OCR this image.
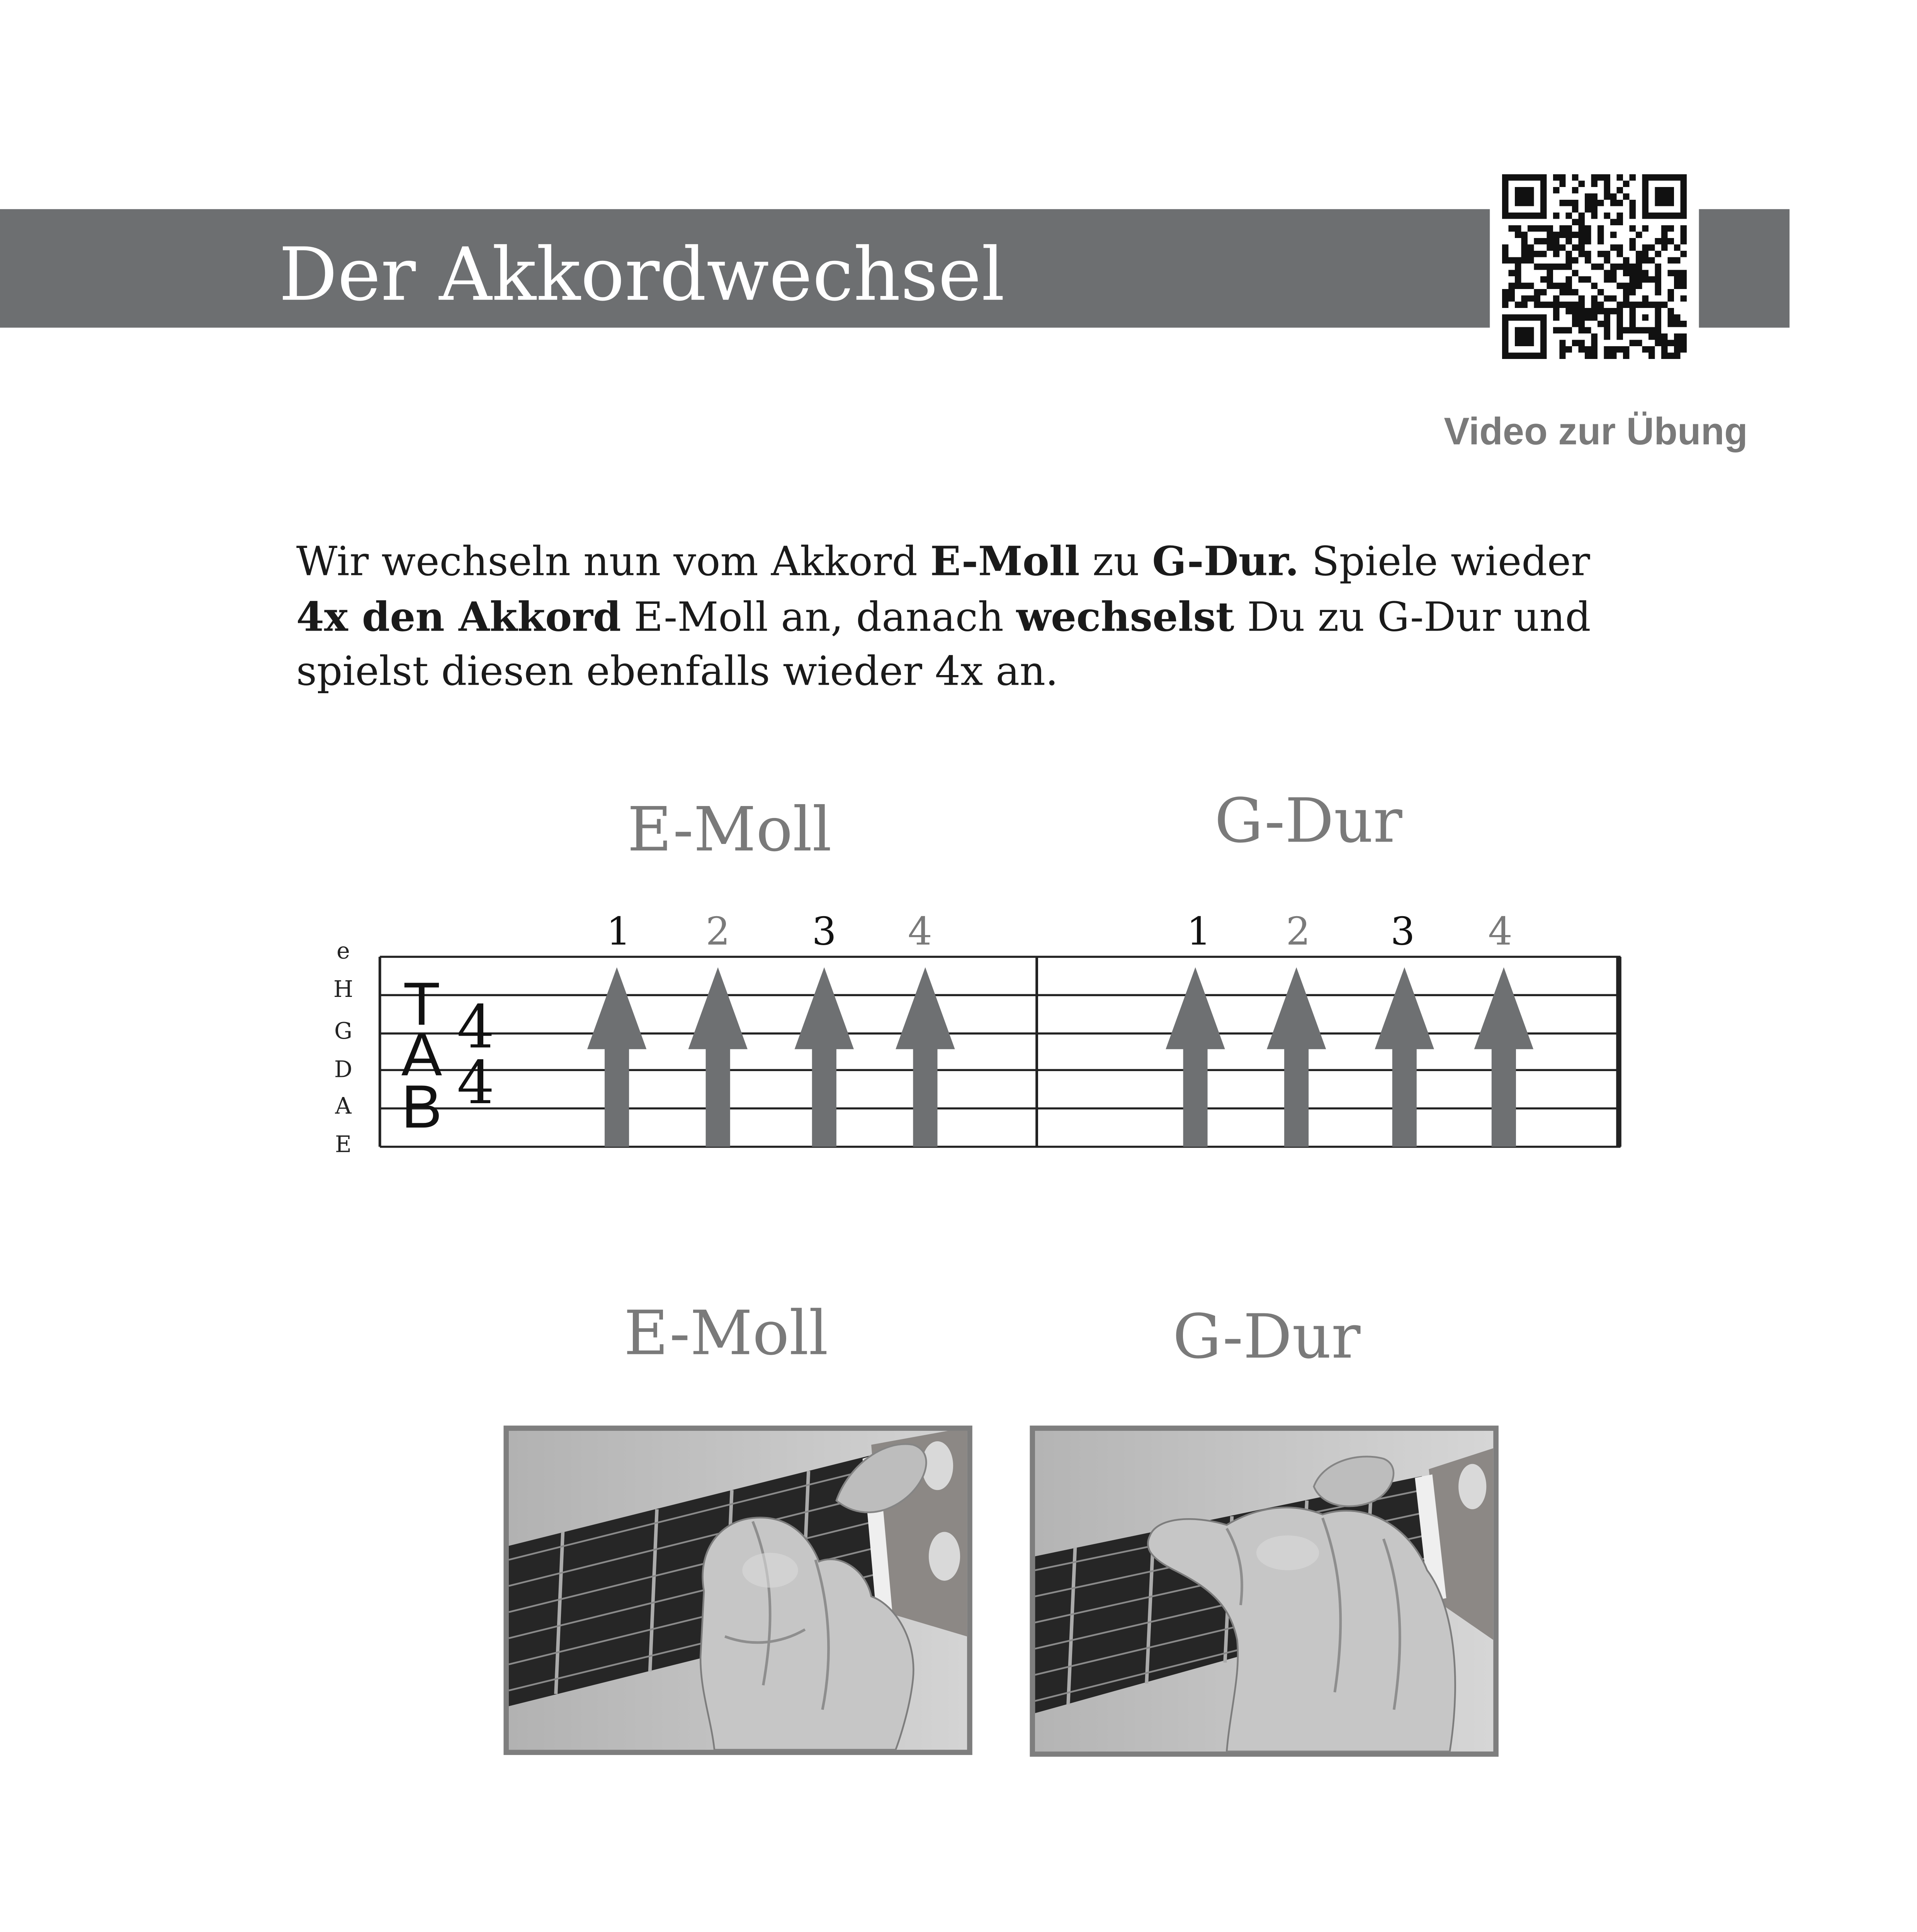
Der Akkordwechsel
Video zur Übung
Wir wechseln nun vom Akkord E-Moll zu G-Dur. Spiele wieder
4x den Akkord E-Moll an, danach wechselst Du zu G-Dur und
spielst diesen ebenfalls wieder 4x an.
E-Moll	G-Dur
e
H
G
D
A
E
T
A
B
4
4
1	2	3	4	1	2	3	4
E-Moll	G-Dur
